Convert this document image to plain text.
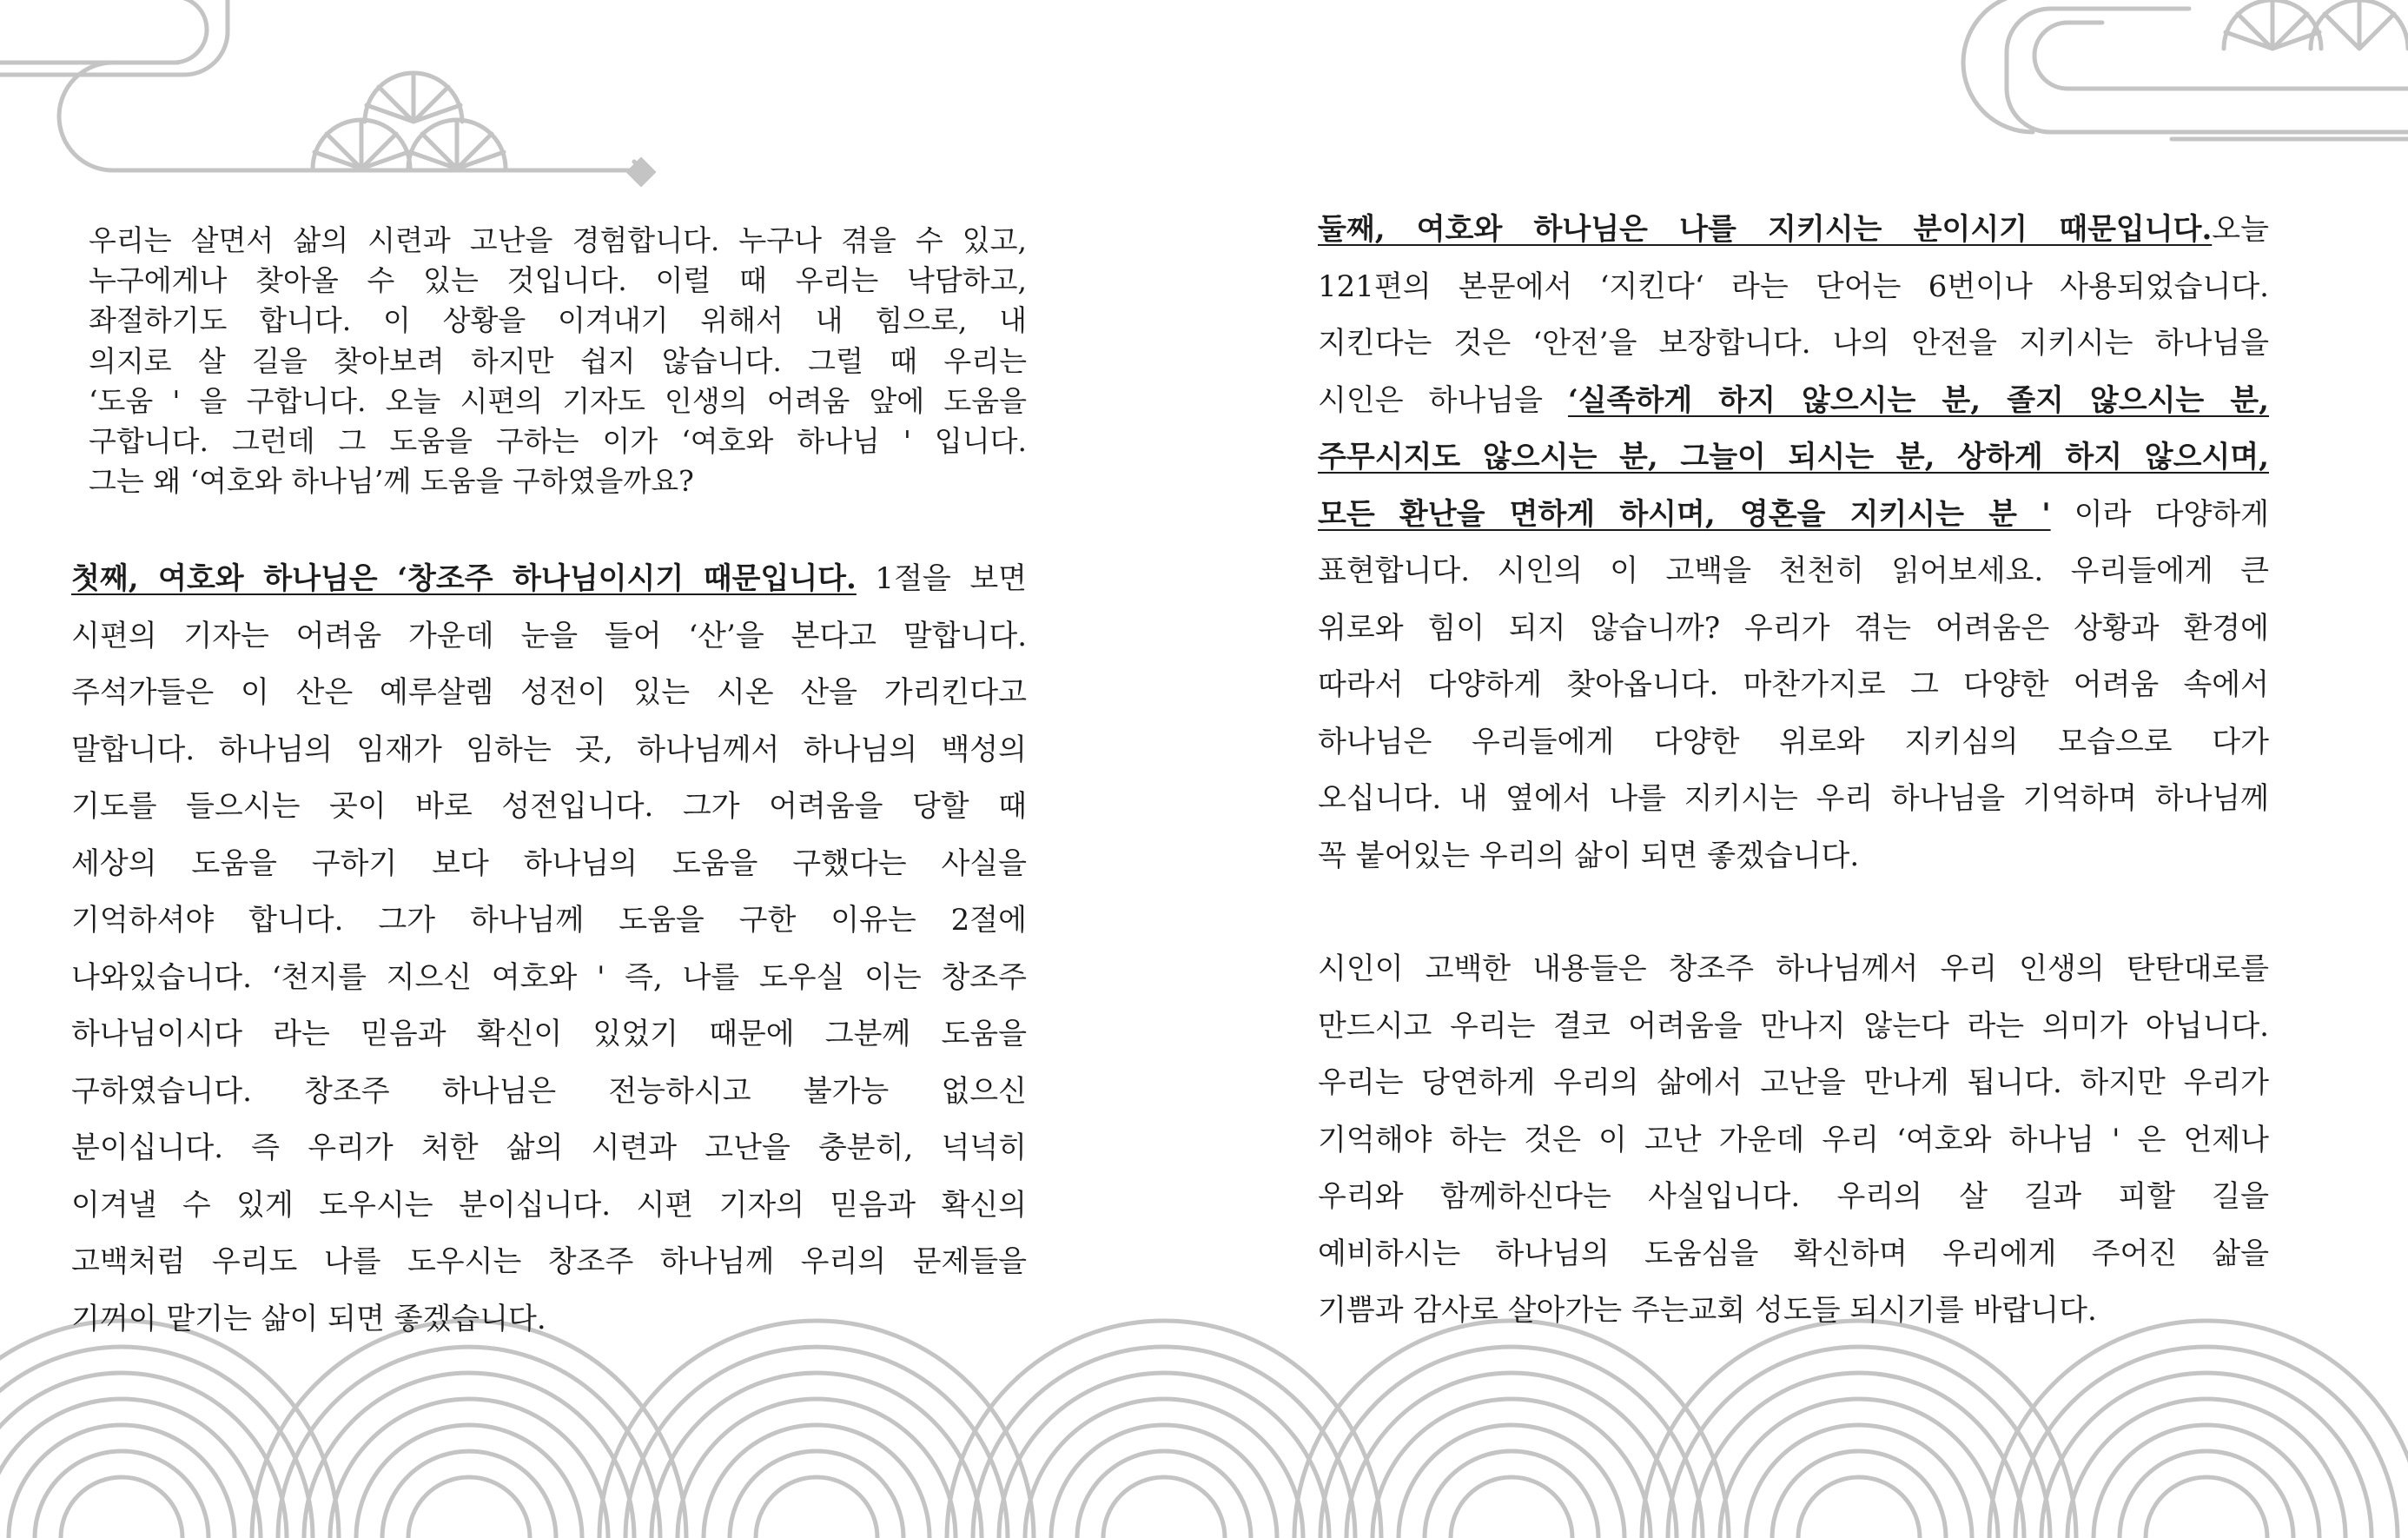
우리는 살면서 삶의 시련과 고난을 경험합니다. 누구나 겪을 수 있고,
누구에게나 찾아올 수 있는 것입니다. 이럴 때 우리는 낙담하고,
좌절하기도 합니다. 이 상황을 이겨내기 위해서 내 힘으로, 내
의지로 살 길을 찾아보려 하지만 쉽지 않습니다. 그럴 때 우리는
‘도움 ' 을 구합니다. 오늘 시편의 기자도 인생의 어려움 앞에 도움을
구합니다. 그런데 그 도움을 구하는 이가 ‘여호와 하나님 ' 입니다.
그는 왜 ‘여호와 하나님’께 도움을 구하였을까요?
첫째, 여호와 하나님은 ‘창조주 하나님이시기 때문입니다. 1절을 보면
시편의 기자는 어려움 가운데 눈을 들어 ‘산’을 본다고 말합니다.
주석가들은 이 산은 예루살렘 성전이 있는 시온 산을 가리킨다고
말합니다. 하나님의 임재가 임하는 곳, 하나님께서 하나님의 백성의
기도를 들으시는 곳이 바로 성전입니다. 그가 어려움을 당할 때
세상의 도움을 구하기 보다 하나님의 도움을 구했다는 사실을
기억하셔야 합니다. 그가 하나님께 도움을 구한 이유는 2절에
나와있습니다. ‘천지를 지으신 여호와 ' 즉, 나를 도우실 이는 창조주
하나님이시다 라는 믿음과 확신이 있었기 때문에 그분께 도움을
구하였습니다. 창조주 하나님은 전능하시고 불가능 없으신
분이십니다. 즉 우리가 처한 삶의 시련과 고난을 충분히, 넉넉히
이겨낼 수 있게 도우시는 분이십니다. 시편 기자의 믿음과 확신의
고백처럼 우리도 나를 도우시는 창조주 하나님께 우리의 문제들을
기꺼이 맡기는 삶이 되면 좋겠습니다.
둘째, 여호와 하나님은 나를 지키시는 분이시기 때문입니다.오늘
121편의 본문에서 ‘지킨다‘ 라는 단어는 6번이나 사용되었습니다.
지킨다는 것은 ‘안전’을 보장합니다. 나의 안전을 지키시는 하나님을
시인은 하나님을 ‘실족하게 하지 않으시는 분, 졸지 않으시는 분,
주무시지도 않으시는 분, 그늘이 되시는 분, 상하게 하지 않으시며,
모든 환난을 면하게 하시며, 영혼을 지키시는 분 ' 이라 다양하게
표현합니다. 시인의 이 고백을 천천히 읽어보세요. 우리들에게 큰
위로와 힘이 되지 않습니까? 우리가 겪는 어려움은 상황과 환경에
따라서 다양하게 찾아옵니다. 마찬가지로 그 다양한 어려움 속에서
하나님은 우리들에게 다양한 위로와 지키심의 모습으로 다가
오십니다. 내 옆에서 나를 지키시는 우리 하나님을 기억하며 하나님께
꼭 붙어있는 우리의 삶이 되면 좋겠습니다.
시인이 고백한 내용들은 창조주 하나님께서 우리 인생의 탄탄대로를
만드시고 우리는 결코 어려움을 만나지 않는다 라는 의미가 아닙니다.
우리는 당연하게 우리의 삶에서 고난을 만나게 됩니다. 하지만 우리가
기억해야 하는 것은 이 고난 가운데 우리 ‘여호와 하나님 ' 은 언제나
우리와 함께하신다는 사실입니다. 우리의 살 길과 피할 길을
예비하시는 하나님의 도움심을 확신하며 우리에게 주어진 삶을
기쁨과 감사로 살아가는 주는교회 성도들 되시기를 바랍니다.
